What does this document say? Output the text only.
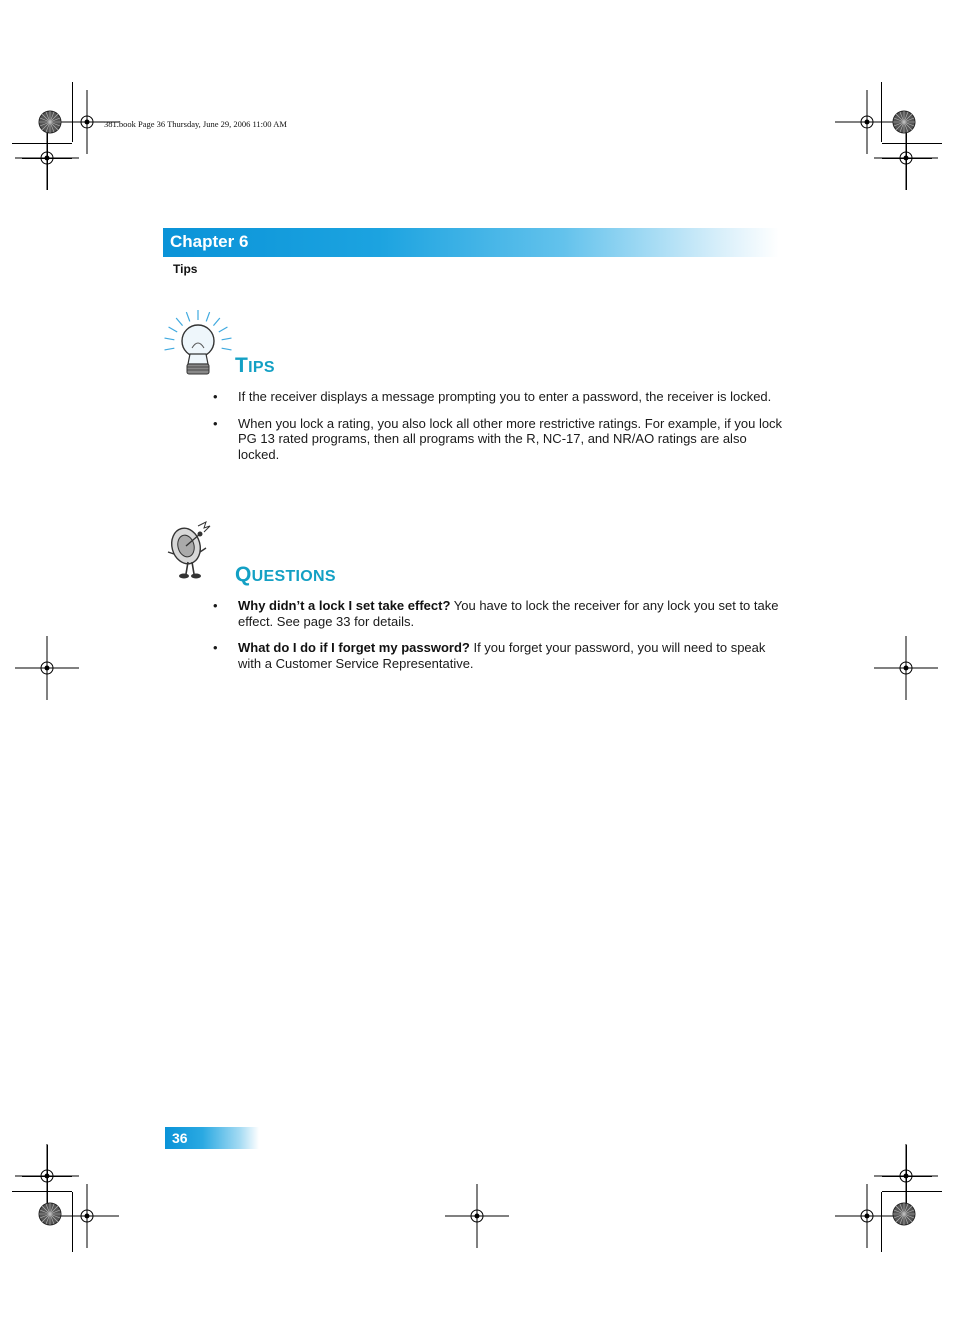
381.book Page 36 Thursday, June 29, 2006 11:00 AM
Chapter 6
Tips
TIPS
• If the receiver displays a message prompting you to enter a password, the receiver is locked.
• When you lock a rating, you also lock all other more restrictive ratings. For example, if you lock PG 13 rated programs, then all programs with the R, NC-17, and NR/AO ratings are also locked.
QUESTIONS
• Why didn’t a lock I set take effect? You have to lock the receiver for any lock you set to take effect. See page 33 for details.
• What do I do if I forget my password? If you forget your password, you will need to speak with a Customer Service Representative.
36
